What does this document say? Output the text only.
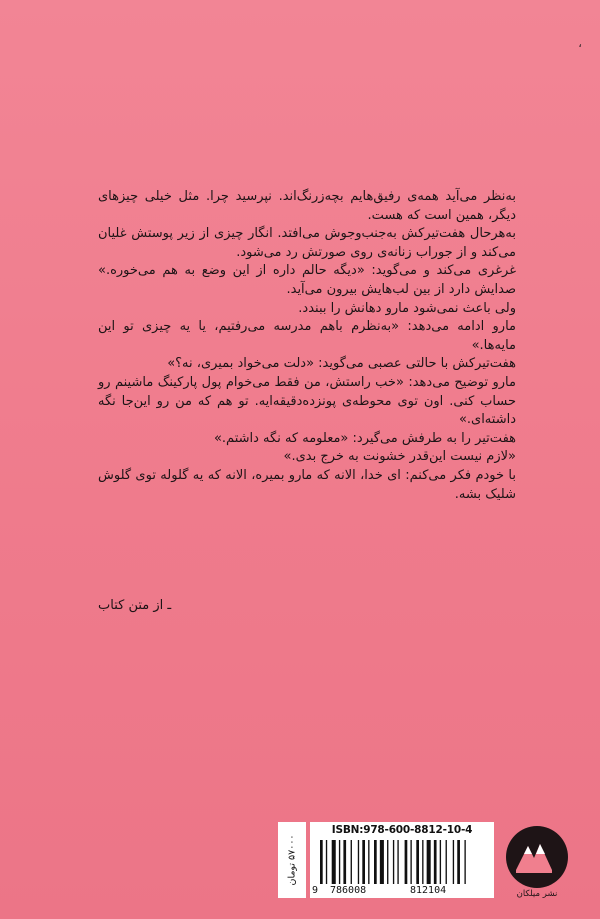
،

به‌نظر می‌آید همه‌ی رفیق‌هایم بچه‌زرنگ‌اند. نپرسید چرا. مثل خیلی چیزهای دیگر، همین است که هست.

به‌هرحال هفت‌تیرکش به‌جنب‌وجوش می‌افتد. انگار چیزی از زیر پوستش غلیان می‌کند و از جوراب زنانه‌ی روی صورتش رد می‌شود.

غرغری می‌کند و می‌گوید: «دیگه حالم داره از این وضع به هم می‌خوره.» صدایش دارد از بین لب‌هایش بیرون می‌آید.

ولی باعث نمی‌شود مارو دهانش را ببندد.

مارو ادامه می‌دهد: «به‌نظرم باهم مدرسه می‌رفتیم، یا یه چیزی تو این مایه‌ها.»

هفت‌تیرکش با حالتی عصبی می‌گوید: «دلت می‌خواد بمیری، نه؟»

مارو توضیح می‌دهد: «خب راستش، من فقط می‌خوام پول پارکینگ ماشینم رو حساب کنی. اون توی محوطه‌ی پونزده‌دقیقه‌ایه. تو هم که من رو این‌جا نگه داشته‌ای.»

هفت‌تیر را به طرفش می‌گیرد: «معلومه که نگه داشتم.»

«لازم نیست این‌قدر خشونت به خرج بدی.»

با خودم فکر می‌کنم: ای خدا، الانه که مارو بمیره، الانه که یه گلوله توی گلوش شلیک بشه.

ـ از متن کتاب
۵۷۰۰۰ تومان
ISBN:978-600-8812-10-4
9 786008	812104	نشر میلکان
